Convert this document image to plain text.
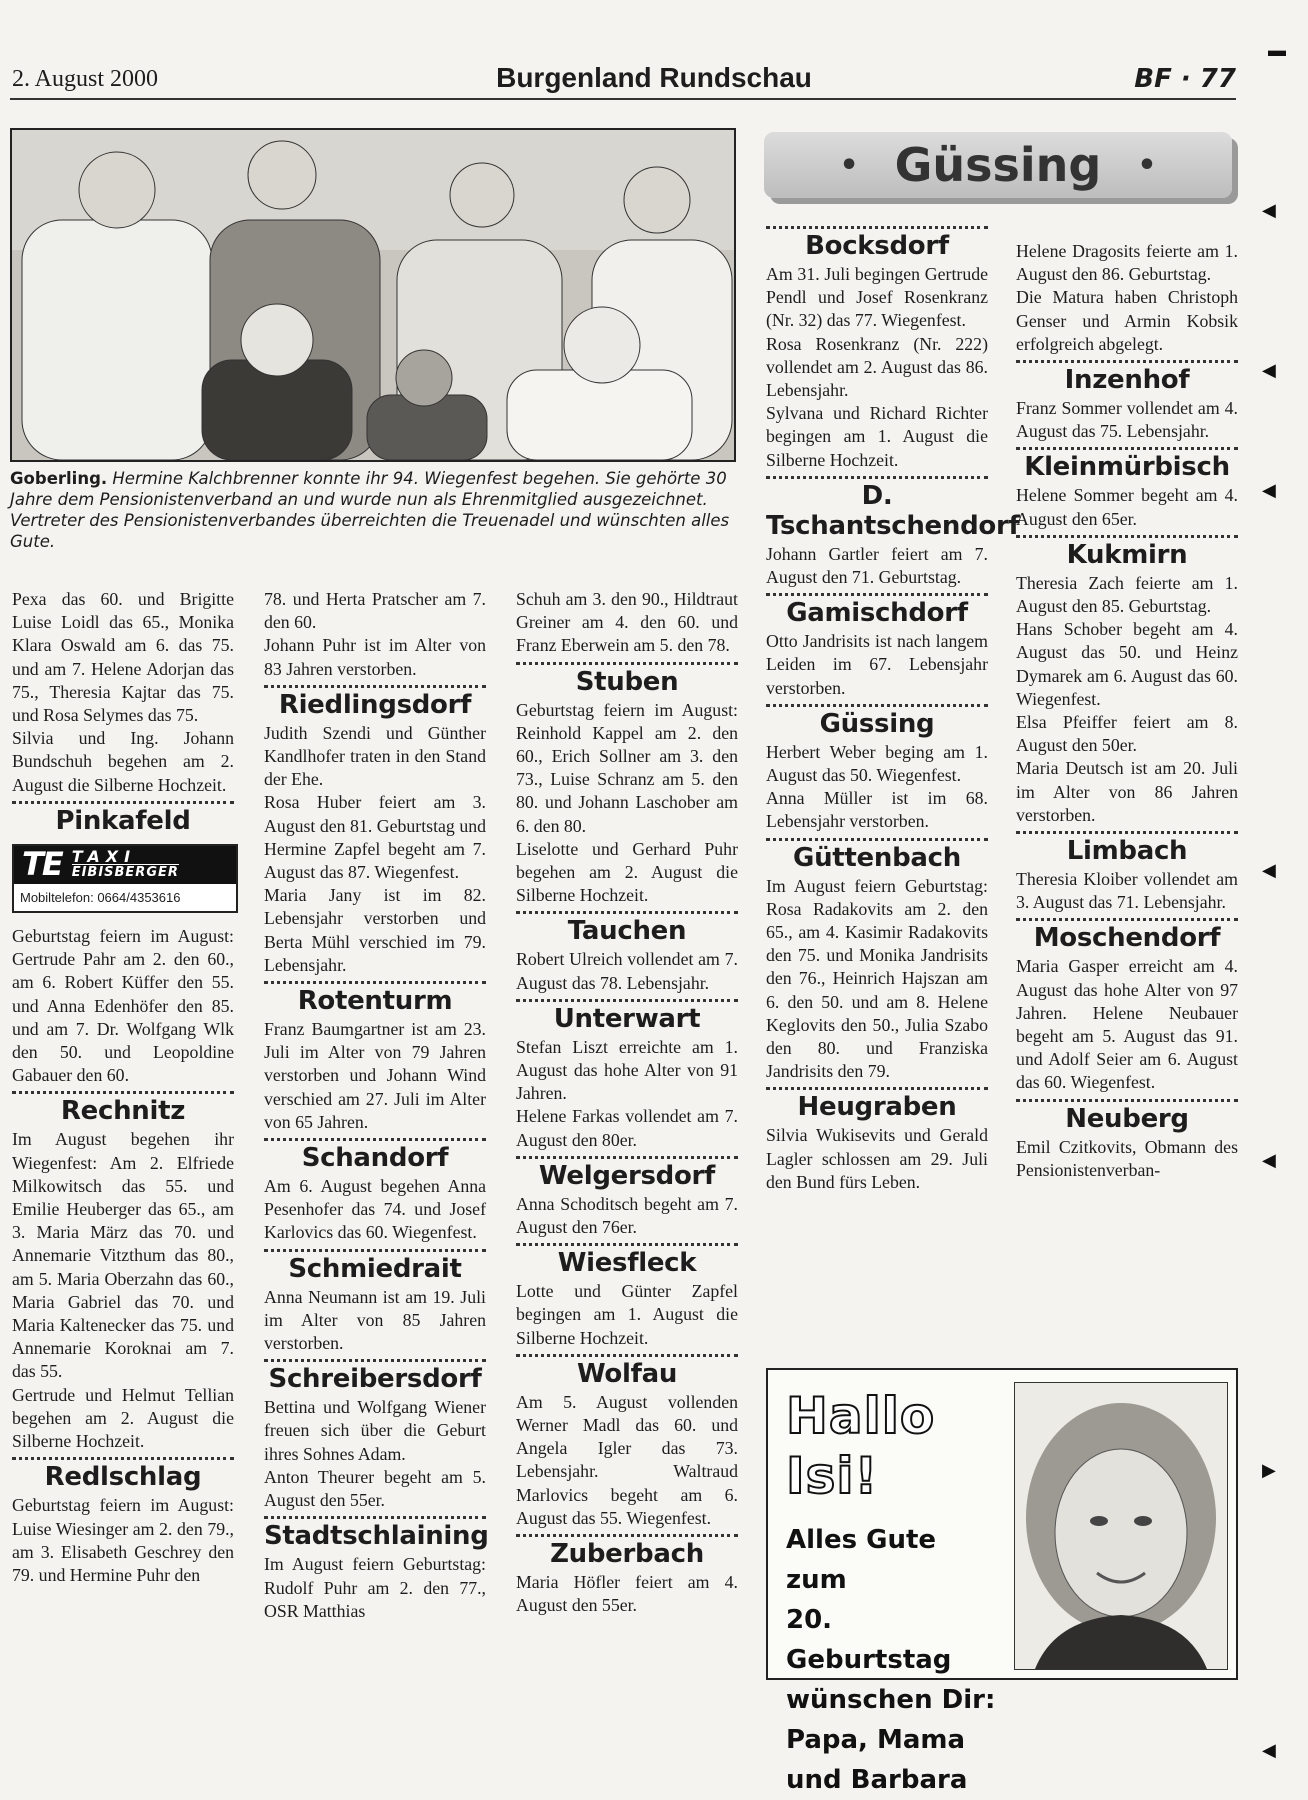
2. August 2000	Burgenland Rundschau	BF · 77
Goberling. Hermine Kalchbrenner konnte ihr 94. Wiegenfest begehen. Sie gehörte 30 Jahre dem Pensionistenverband an und wurde nun als Ehrenmitglied ausgezeichnet. Vertreter des Pensionistenverbandes überreichten die Treuenadel und wünschten alles Gute.
• Güssing •

Pexa das 60. und Brigitte Luise Loidl das 65., Monika Klara Oswald am 6. das 75. und am 7. Helene Adorjan das 75., Theresia Kajtar das 75. und Rosa Selymes das 75.

Silvia und Ing. Johann Bundschuh begehen am 2. August die Silberne Hochzeit.

Pinkafeld
TE TAXI
EIBISBERGER
Mobiltelefon: 0664/4353616

Geburtstag feiern im August: Gertrude Pahr am 2. den 60., am 6. Robert Küffer den 55. und Anna Edenhöfer den 85. und am 7. Dr. Wolfgang Wlk den 50. und Leopoldine Gabauer den 60.

Rechnitz

Im August begehen ihr Wiegenfest: Am 2. Elfriede Milkowitsch das 55. und Emilie Heuberger das 65., am 3. Maria März das 70. und Annemarie Vitzthum das 80., am 5. Maria Oberzahn das 60., Maria Gabriel das 70. und Maria Kaltenecker das 75. und Annemarie Koroknai am 7. das 55.

Gertrude und Helmut Tellian begehen am 2. August die Silberne Hochzeit.

Redlschlag

Geburtstag feiern im August: Luise Wiesinger am 2. den 79., am 3. Elisabeth Geschrey den 79. und Hermine Puhr den

78. und Herta Pratscher am 7. den 60.

Johann Puhr ist im Alter von 83 Jahren verstorben.

Riedlingsdorf

Judith Szendi und Günther Kandlhofer traten in den Stand der Ehe.

Rosa Huber feiert am 3. August den 81. Geburtstag und Hermine Zapfel begeht am 7. August das 87. Wiegenfest.

Maria Jany ist im 82. Lebensjahr verstorben und Berta Mühl verschied im 79. Lebensjahr.

Rotenturm

Franz Baumgartner ist am 23. Juli im Alter von 79 Jahren verstorben und Johann Wind verschied am 27. Juli im Alter von 65 Jahren.

Schandorf

Am 6. August begehen Anna Pesenhofer das 74. und Josef Karlovics das 60. Wiegenfest.

Schmiedrait

Anna Neumann ist am 19. Juli im Alter von 85 Jahren verstorben.

Schreibersdorf

Bettina und Wolfgang Wiener freuen sich über die Geburt ihres Sohnes Adam.

Anton Theurer begeht am 5. August den 55er.

Stadtschlaining

Im August feiern Geburtstag: Rudolf Puhr am 2. den 77., OSR Matthias

Schuh am 3. den 90., Hildtraut Greiner am 4. den 60. und Franz Eberwein am 5. den 78.

Stuben

Geburtstag feiern im August: Reinhold Kappel am 2. den 60., Erich Sollner am 3. den 73., Luise Schranz am 5. den 80. und Johann Laschober am 6. den 80.

Liselotte und Gerhard Puhr begehen am 2. August die Silberne Hochzeit.

Tauchen

Robert Ulreich vollendet am 7. August das 78. Lebensjahr.

Unterwart

Stefan Liszt erreichte am 1. August das hohe Alter von 91 Jahren.

Helene Farkas vollendet am 7. August den 80er.

Welgersdorf

Anna Schoditsch begeht am 7. August den 76er.

Wiesfleck

Lotte und Günter Zapfel begingen am 1. August die Silberne Hochzeit.

Wolfau

Am 5. August vollenden Werner Madl das 60. und Angela Igler das 73. Lebensjahr. Waltraud Marlovics begeht am 6. August das 55. Wiegenfest.

Zuberbach

Maria Höfler feiert am 4. August den 55er.

Bocksdorf

Am 31. Juli begingen Gertrude Pendl und Josef Rosenkranz (Nr. 32) das 77. Wiegenfest.

Rosa Rosenkranz (Nr. 222) vollendet am 2. August das 86. Lebensjahr.

Sylvana und Richard Richter begingen am 1. August die Silberne Hochzeit.

D. Tschantschendorf

Johann Gartler feiert am 7. August den 71. Geburtstag.

Gamischdorf

Otto Jandrisits ist nach langem Leiden im 67. Lebensjahr verstorben.

Güssing

Herbert Weber beging am 1. August das 50. Wiegenfest.

Anna Müller ist im 68. Lebensjahr verstorben.

Güttenbach

Im August feiern Geburtstag: Rosa Radakovits am 2. den 65., am 4. Kasimir Radakovits den 75. und Monika Jandrisits den 76., Heinrich Hajszan am 6. den 50. und am 8. Helene Keglovits den 50., Julia Szabo den 80. und Franziska Jandrisits den 79.

Heugraben

Silvia Wukisevits und Gerald Lagler schlossen am 29. Juli den Bund fürs Leben.

Helene Dragosits feierte am 1. August den 86. Geburtstag.

Die Matura haben Christoph Genser und Armin Kobsik erfolgreich abgelegt.

Inzenhof

Franz Sommer vollendet am 4. August das 75. Lebensjahr.

Kleinmürbisch

Helene Sommer begeht am 4. August den 65er.

Kukmirn

Theresia Zach feierte am 1. August den 85. Geburtstag.

Hans Schober begeht am 4. August das 50. und Heinz Dymarek am 6. August das 60. Wiegenfest.

Elsa Pfeiffer feiert am 8. August den 50er.

Maria Deutsch ist am 20. Juli im Alter von 86 Jahren verstorben.

Limbach

Theresia Kloiber vollendet am 3. August das 71. Lebensjahr.

Moschendorf

Maria Gasper erreicht am 4. August das hohe Alter von 97 Jahren. Helene Neubauer begeht am 5. August das 91. und Adolf Seier am 6. August das 60. Wiegenfest.

Neuberg

Emil Czitkovits, Obmann des Pensionistenverban-

Hallo
Isi!
Alles Gute zum
20. Geburtstag
wünschen Dir:
Papa, Mama
und Barbara
▬
◀
◀
◀
◀
◀
▶
◀
